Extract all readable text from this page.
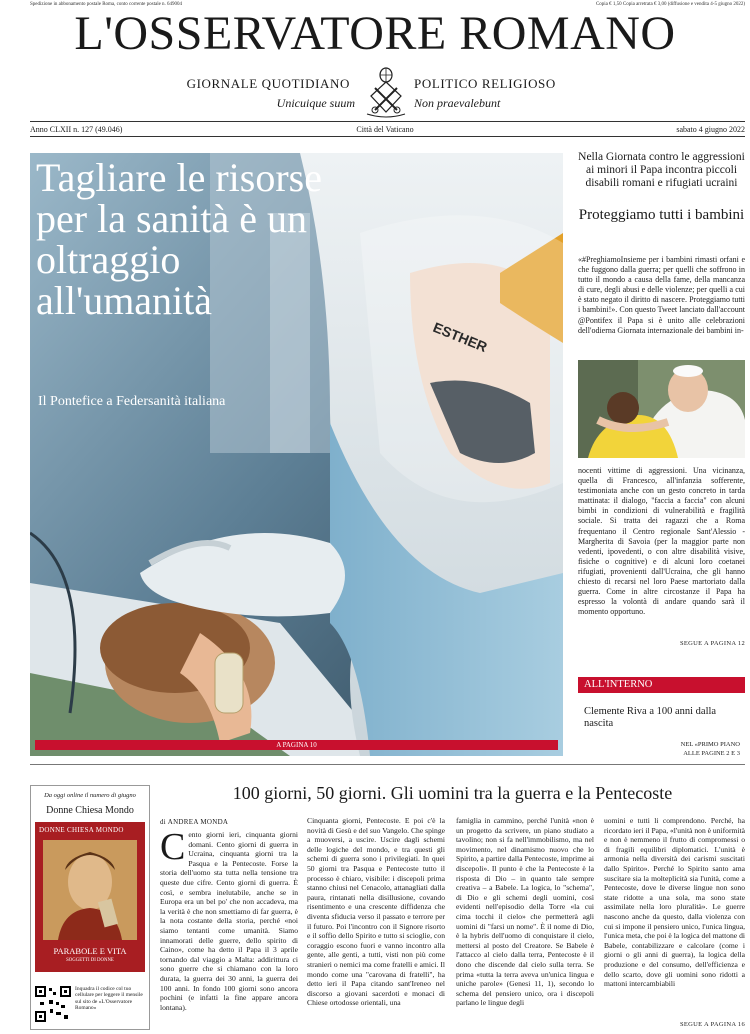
Spedizione in abbonamento postale Roma, conto corrente postale n. 649004	Copia € 1,50 Copia arretrata € 3,00 (diffusione e vendita 4-5 giugno 2022)
L'OSSERVATORE ROMANO
GIORNALE QUOTIDIANO	POLITICO RELIGIOSO
Unicuique suum	Non praevalebunt
Anno CLXII n. 127 (49.046)	Città del Vaticano	sabato 4 giugno 2022
ESTHER
Tagliare le risorse per la sanità è un oltraggio all'umanità
Il Pontefice a Federsanità italiana
A PAGINA 10
Nella Giornata contro le aggressioni ai minori il Papa incontra piccoli disabili romani e rifugiati ucraini
Proteggiamo tutti i bambini
«#PreghiamoInsieme per i bambini rimasti orfani e che fuggono dalla guerra; per quelli che soffrono in tutto il mondo a causa della fame, della mancanza di cure, degli abusi e delle violenze; per quelli a cui è stato negato il diritto di nascere. Proteggiamo tutti i bambini!». Con questo Tweet lanciato dall'account @Pontifex il Papa si è unito alle celebrazioni dell'odierna Giornata internazionale dei bambini in-
nocenti vittime di aggressioni. Una vicinanza, quella di Francesco, all'infanzia sofferente, testimoniata anche con un gesto concreto in tarda mattinata: il dialogo, "faccia a faccia" con alcuni bimbi in condizioni di vulnerabilità e fragilità sociale. Si tratta dei ragazzi che a Roma frequentano il Centro regionale Sant'Alessio - Margherita di Savoia (per la maggior parte non vedenti, ipovedenti, o con altre disabilità visive, fisiche o cognitive) e di alcuni loro coetanei rifugiati, provenienti dall'Ucraina, che gli hanno chiesto di recarsi nel loro Paese martoriato dalla guerra. Come in altre circostanze il Papa ha espresso la volontà di andare quando sarà il momento opportuno.
SEGUE A PAGINA 12
ALL'INTERNO
Clemente Riva a 100 anni dalla nascita
NEL «PRIMO PIANO
ALLE PAGINE 2 E 3
Da oggi online il numero di giugno
Donne Chiesa Mondo
DONNE CHIESA MONDO
PARABOLE E VITA
SOGGETTI DI DONNE
Inquadra il codice col tuo cellulare per leggere il mensile sul sito de «L'Osservatore Romano»
100 giorni, 50 giorni. Gli uomini tra la guerra e la Pentecoste
di ANDREA MONDA
Cento giorni ieri, cinquanta giorni domani. Cento giorni di guerra in Ucraina, cinquanta giorni tra la Pasqua e la Pentecoste. Forse la storia dell'uomo sta tutta nella tensione tra queste due cifre. Cento giorni di guerra. È così, e sembra inelutabile, anche se in Europa era un bel po' che non accadeva, ma la verità è che non smettiamo di far guerra, è la nota costante della storia, perché «noi siamo tentanti come umanità. Siamo innamorati delle guerre, dello spirito di Caino», come ha detto il Papa il 3 aprile tornando dal viaggio a Malta: addirittura ci sono guerre che si chiamano con la loro durata, la guerra dei 30 anni, la guerra dei 100 anni. In fondo 100 giorni sono ancora pochini (e infatti la fine appare ancora lontana).
Cinquanta giorni, Pentecoste. E poi c'è la novità di Gesù e del suo Vangelo. Che spinge a muoversi, a uscire. Uscire dagli schemi delle logiche del mondo, e tra questi gli schemi di guerra sono i privilegiati. In quei 50 giorni tra Pasqua e Pentecoste tutto il processo è chiaro, visibile: i discepoli prima stanno chiusi nel Cenacolo, attanagliati dalla paura, rintanati nella disillusione, covando risentimento e una crescente diffidenza che diventa sfiducia verso il passato e terrore per il futuro. Poi l'incontro con il Signore risorto e il soffio dello Spirito e tutto si scioglie, con coraggio escono fuori e vanno incontro alla gente, alle genti, a tutti, visti non più come stranieri o nemici ma come fratelli e amici. Il mondo come una "carovana di fratelli", ha detto ieri il Papa citando sant'Ireneo nel discorso a giovani sacerdoti e monaci di Chiese ortodosse orientali, una
famiglia in cammino, perché l'unità «non è un progetto da scrivere, un piano studiato a tavolino; non si fa nell'immobilismo, ma nel movimento, nel dinamismo nuovo che lo Spirito, a partire dalla Pentecoste, imprime ai discepoli». Il punto è che la Pentecoste è la risposta di Dio – in quanto tale sempre creativa – a Babele. La logica, lo "schema", di Dio e gli schemi degli uomini, così evidenti nell'episodio della Torre «la cui cima tocchi il cielo» che permetterà agli uomini di "farsi un nome". È il nome di Dio, è la hybris dell'uomo di conquistare il cielo, mettersi al posto del Creatore. Se Babele è l'attacco al cielo dalla terra, Pentecoste è il dono che discende dal cielo sulla terra. Se prima «tutta la terra aveva un'unica lingua e uniche parole» (Genesi 11, 1), secondo lo schema del pensiero unico, ora i discepoli parlano le lingue degli
uomini e tutti li comprendono. Perché, ha ricordato ieri il Papa, «l'unità non è uniformità e non è nemmeno il frutto di compromessi o di fragili equilibri diplomatici. L'unità è armonia nella diversità dei carismi suscitati dallo Spirito». Perché lo Spirito santo ama suscitare sia la molteplicità sia l'unità, come a Pentecoste, dove le diverse lingue non sono state ridotte a una sola, ma sono state assimilate nella loro pluralità». Le guerre nascono anche da questo, dalla violenza con cui si impone il pensiero unico, l'unica lingua, l'unica meta, che poi è la logica del mattone di Babele, contabilizzare e calcolare (come i giorni o gli anni di guerra), la logica della produzione e del consumo, dell'efficienza e dello scarto, dove gli uomini sono ridotti a mattoni intercambiabili
SEGUE A PAGINA 16
